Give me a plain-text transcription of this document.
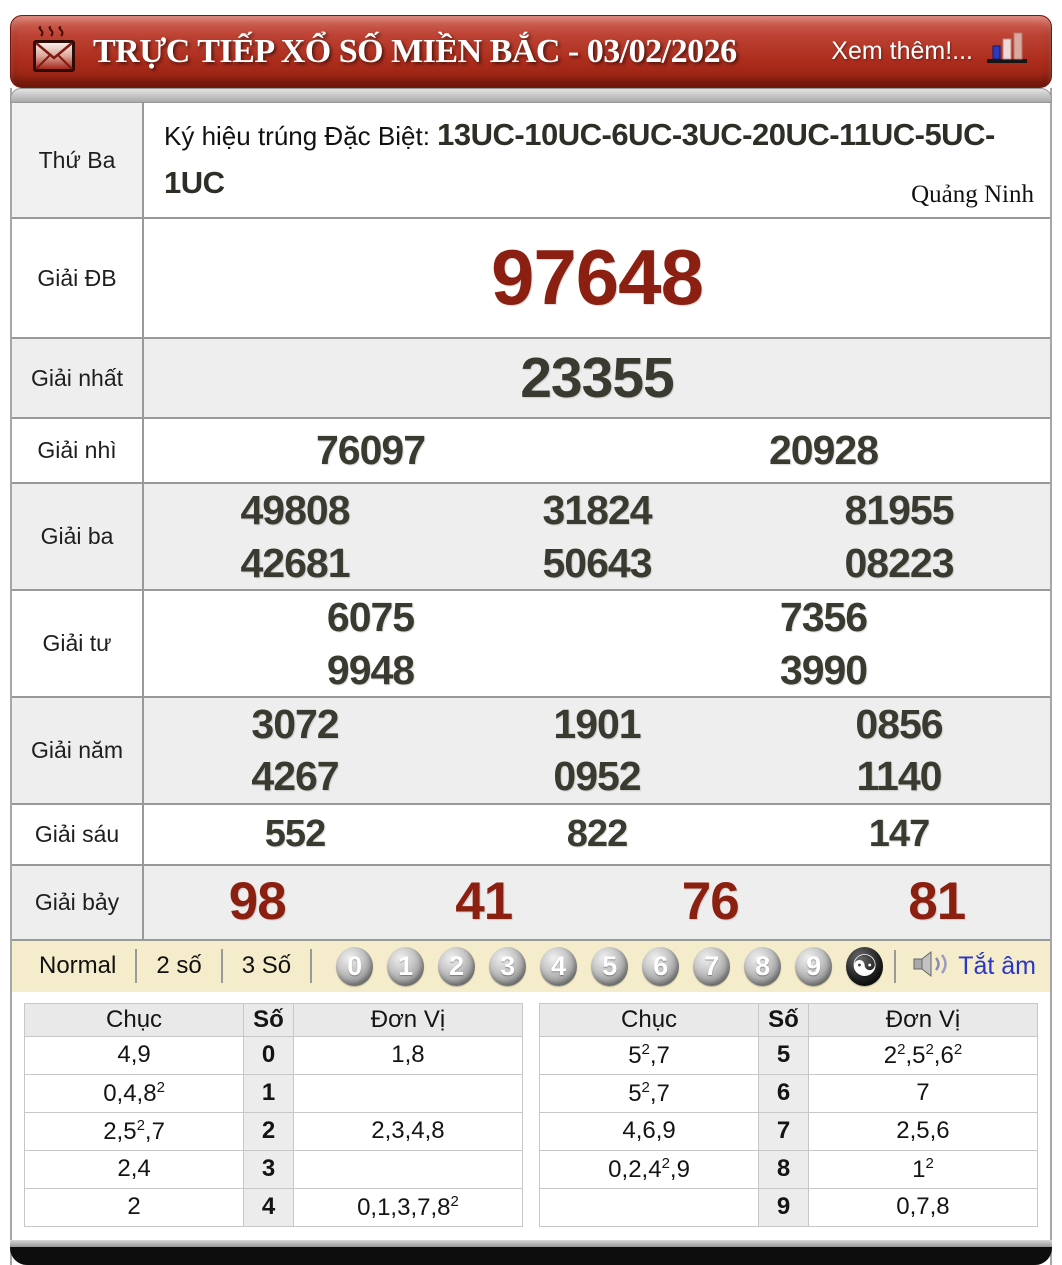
TRỰC TIẾP XỔ SỐ MIỀN BẮC - 03/02/2026	Xem thêm!...
Thứ Ba
Ký hiệu trúng Đặc Biệt: 13UC-10UC-6UC-3UC-20UC-11UC-5UC-1UC	Quảng Ninh
Giải ĐB	97648
Giải nhất	23355
Giải nhì	76097	20928
Giải ba
49808	31824	81955
42681	50643	08223
Giải tư
6075	7356
9948	3990
Giải năm
3072	1901	0856
4267	0952	1140
Giải sáu	552	822	147
Giải bảy	98	41	76	81
Normal	2 số	3 Số	0	1	2	3	4	5	6	7	8	9	☯	Tắt âm
Chục	Số	Đơn Vị
4,9	0	1,8
0,4,8$^2$	1	
$2,5^2,7$	2	2,3,4,8
2,4	3	
2	4	0,1,3,7,8$^2$
Chục	Số	Đơn Vị
$5^2,7$	5	$2^2,5^2,6^2$
$5^2,7$	6	7
4,6,9	7	2,5,6
0,2,4$^2$,9	8	$1^2$
	9	0,7,8
